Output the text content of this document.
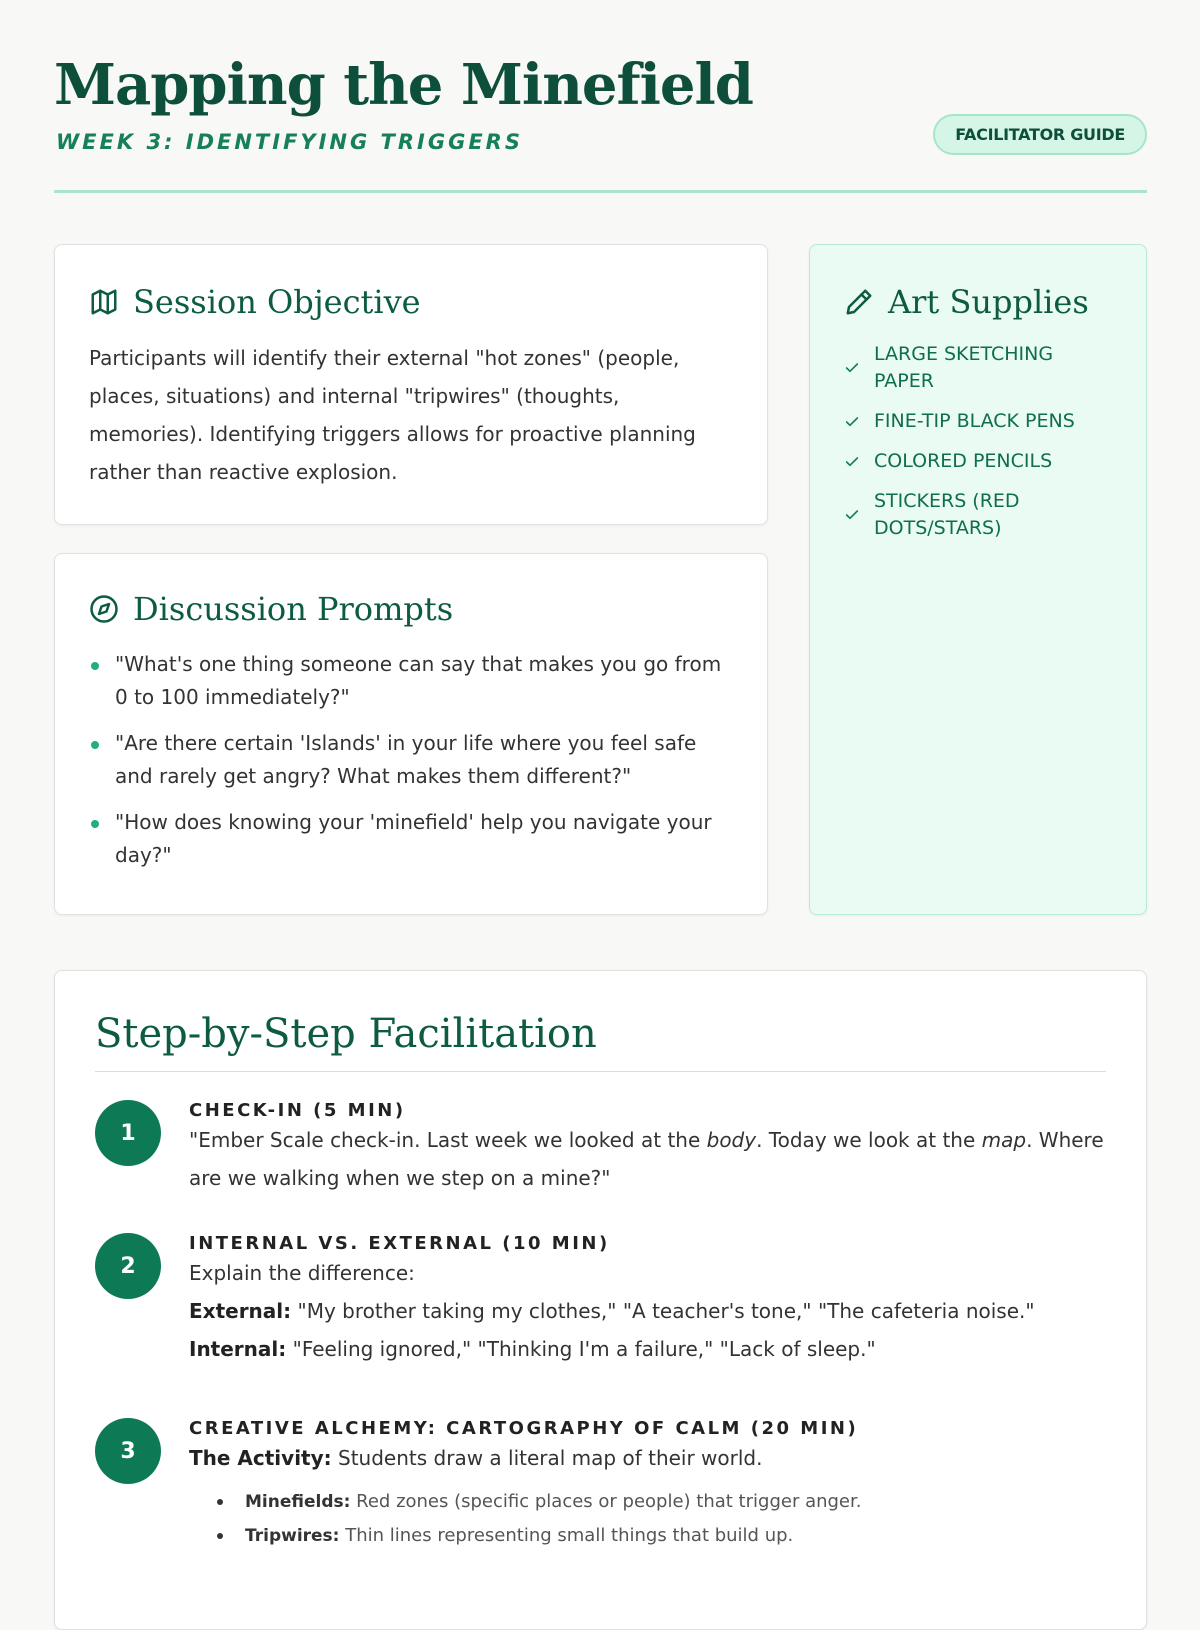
Mapping the Minefield
WEEK 3: IDENTIFYING TRIGGERS	FACILITATOR GUIDE
Session Objective

Participants will identify their external "hot zones" (people, places, situations) and internal "tripwires" (thoughts, memories). Identifying triggers allows for proactive planning rather than reactive explosion.

Discussion Prompts
"What's one thing someone can say that makes you go from 0 to 100 immediately?"
"Are there certain 'Islands' in your life where you feel safe and rarely get angry? What makes them different?"
"How does knowing your 'minefield' help you navigate your day?"
Art Supplies
LARGE SKETCHING PAPER
FINE-TIP BLACK PENS
COLORED PENCILS
STICKERS (RED DOTS/STARS)
Step-by-Step Facilitation
1
CHECK-IN (5 MIN)
"Ember Scale check-in. Last week we looked at the body. Today we look at the map. Where are we walking when we step on a mine?"
2
INTERNAL VS. EXTERNAL (10 MIN)
Explain the difference:
External: "My brother taking my clothes," "A teacher's tone," "The cafeteria noise."
Internal: "Feeling ignored," "Thinking I'm a failure," "Lack of sleep."
3
CREATIVE ALCHEMY: CARTOGRAPHY OF CALM (20 MIN)
The Activity: Students draw a literal map of their world.
Minefields: Red zones (specific places or people) that trigger anger.
Tripwires: Thin lines representing small things that build up.
